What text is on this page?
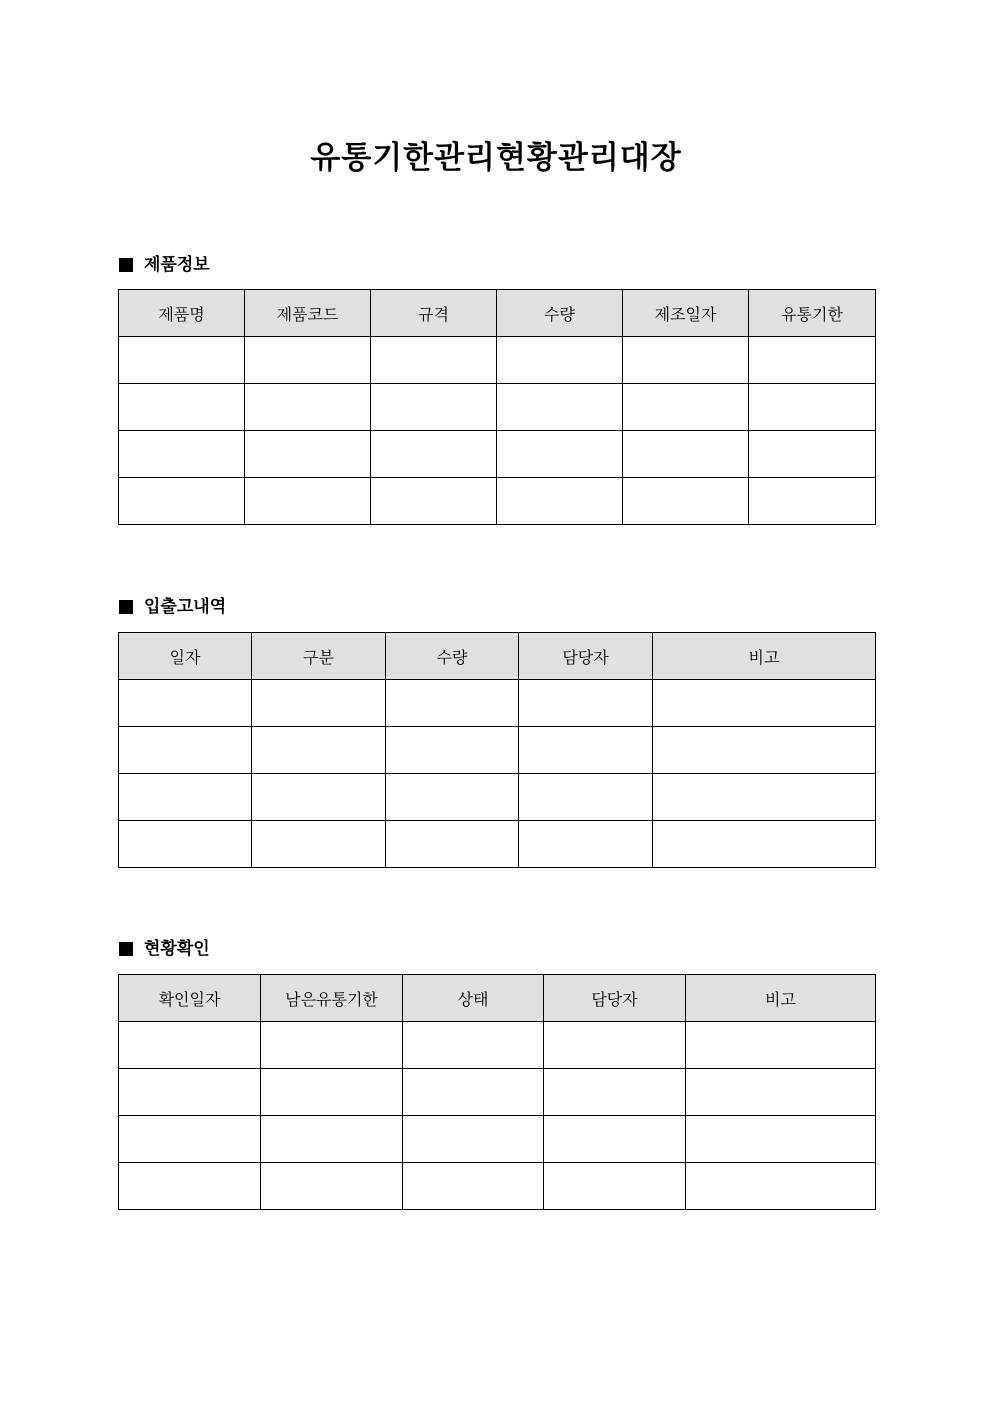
유통기한관리현황관리대장
제품정보
제품명	제품코드	규격	수량	제조일자	유통기한

입출고내역
일자	구분	수량	담당자	비고

현황확인
확인일자	남은유통기한	상태	담당자	비고
